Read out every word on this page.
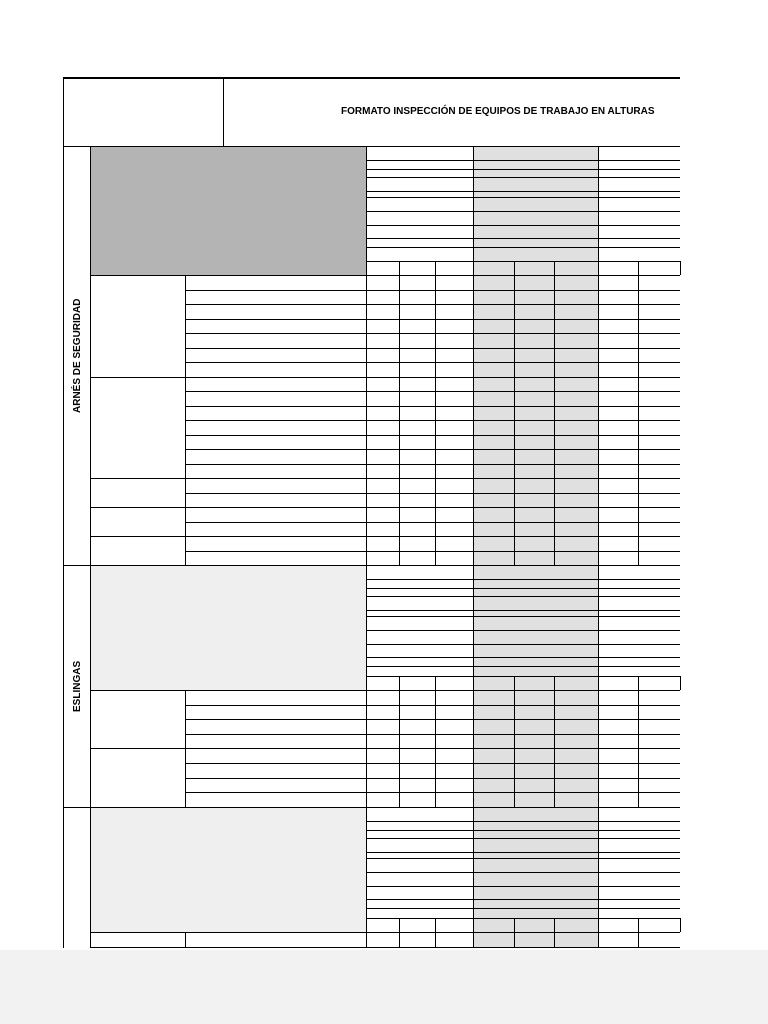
FORMATO INSPECCIÓN DE EQUIPOS DE TRABAJO EN ALTURAS
ARNÉS DE SEGURIDAD
ESLINGAS
